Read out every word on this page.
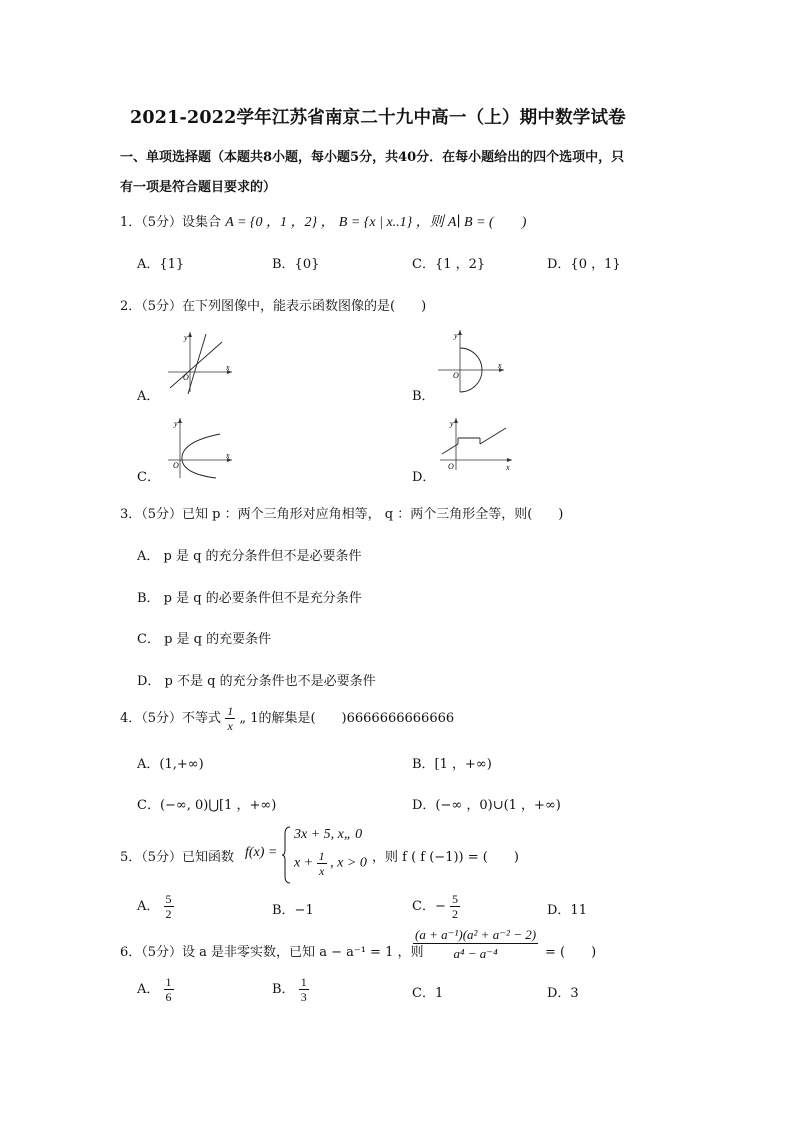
2021-2022学年江苏省南京二十九中高一（上）期中数学试卷
一、单项选择题（本题共8小题，每小题5分，共40分．在每小题给出的四个选项中，只
有一项是符合题目要求的）
1．（5分）设集合 A = {0 ，1 ，2} ， B = {x | x..1} ，则 A∣ B = (　　)
A．{1}	B．{0}	C．{1 ，2}	D．{0 ，1}
2．（5分）在下列图像中，能表示函数图像的是(　　)
A．
y
x
O
B．
y
x
O
C．
y
x
O
D．
y
x
O
3．（5分）已知 p ：两个三角形对应角相等， q ：两个三角形全等，则(　　)
A． p 是 q 的充分条件但不是必要条件
B． p 是 q 的必要条件但不是充分条件
C． p 是 q 的充要条件
D． p 不是 q 的充分条件也不是必要条件
4．（5分）不等式 $\frac{1}{x}$ „ 1的解集是(　　)6666666666666
A．(1,+∞)	B．[1 ，+∞)
C．(−∞, 0)⋃[1 ，+∞)	D．(−∞ ，0)∪(1 ，+∞)
5．（5分）已知函数 f(x) =
3x + 5, x„ 0
$x + \frac{1}{x}$ , x > 0 ，则 f ( f (−1)) = (　　)
A． $\frac{5}{2}$	B．−1	C．− $\frac{5}{2}$	D．11
6．（5分）设 a 是非零实数，已知 a − a⁻¹ = 1 ，则
$\frac{\text{(a + a⁻¹)(a² + a⁻² − 2)}}{\text{a⁴ − a⁻⁴}}$ = (　　)
A． $\frac{1}{6}$	B． $\frac{1}{3}$	C．1	D．3
